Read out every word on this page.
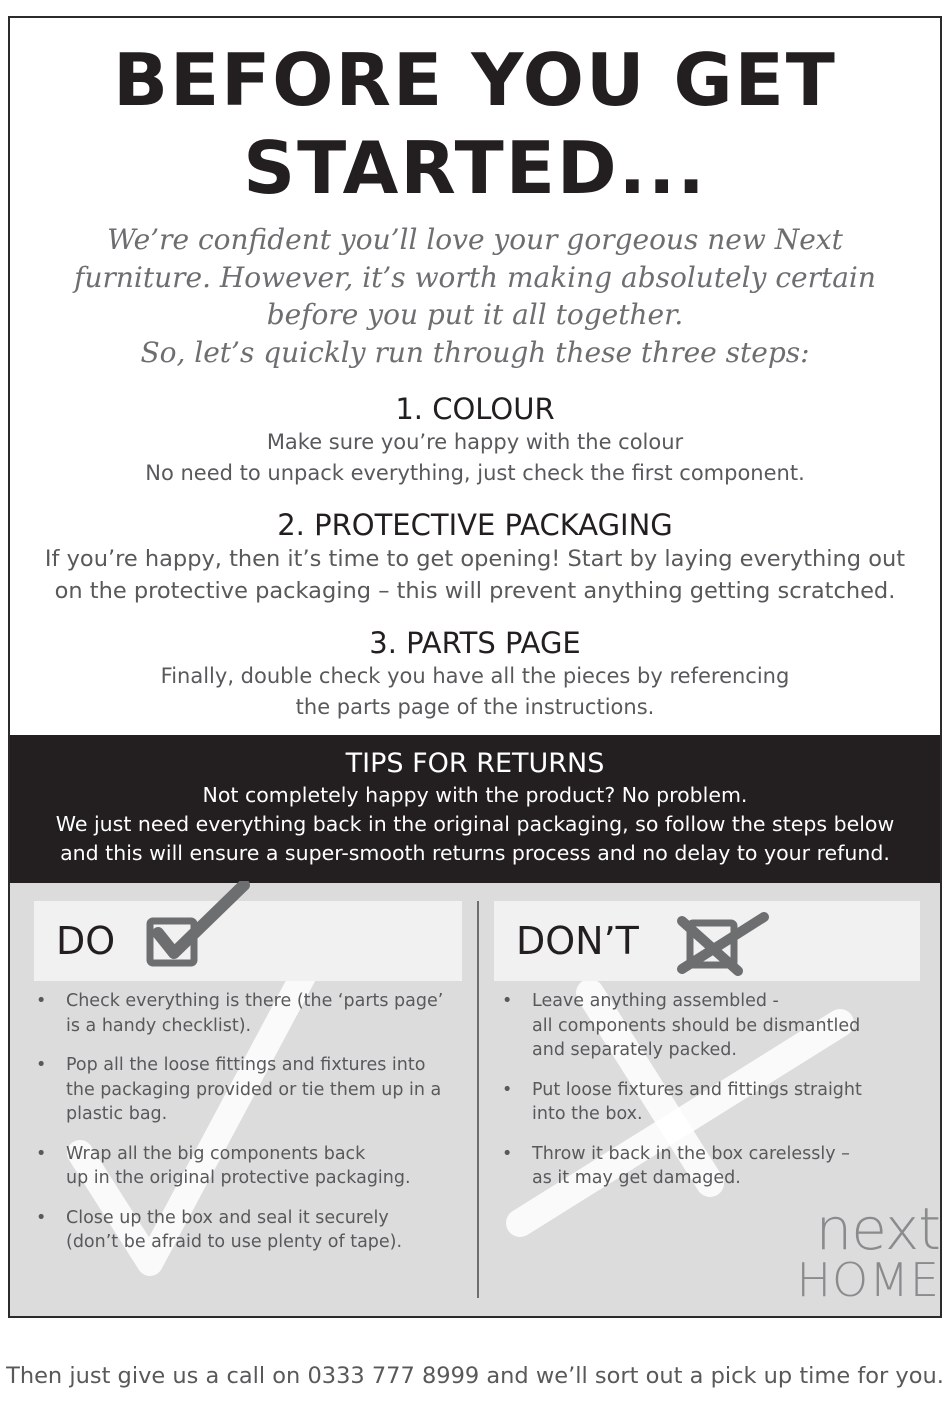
BEFORE YOU GET
STARTED...

We’re confident you’ll love your gorgeous new Next
furniture. However, it’s worth making absolutely certain
before you put it all together.
So, let’s quickly run through these three steps:

1. COLOUR

Make sure you’re happy with the colour
No need to unpack everything, just check the first component.

2. PROTECTIVE PACKAGING

If you’re happy, then it’s time to get opening! Start by laying everything out
on the protective packaging – this will prevent anything getting scratched.

3. PARTS PAGE

Finally, double check you have all the pieces by referencing
the parts page of the instructions.

TIPS FOR RETURNS

Not completely happy with the product? No problem.
We just need everything back in the original packaging, so follow the steps below
and this will ensure a super-smooth returns process and no delay to your refund.

DO	DON’T
• Check everything is there (the ‘parts page’
is a handy checklist).
• Pop all the loose fittings and fixtures into
the packaging provided or tie them up in a
plastic bag.
• Wrap all the big components back
up in the original protective packaging.
• Close up the box and seal it securely
(don’t be afraid to use plenty of tape).
• Leave anything assembled -
all components should be dismantled
and separately packed.
• Put loose fixtures and fittings straight
into the box.
• Throw it back in the box carelessly –
as it may get damaged.
next
HOME

Then just give us a call on 0333 777 8999 and we’ll sort out a pick up time for you.
